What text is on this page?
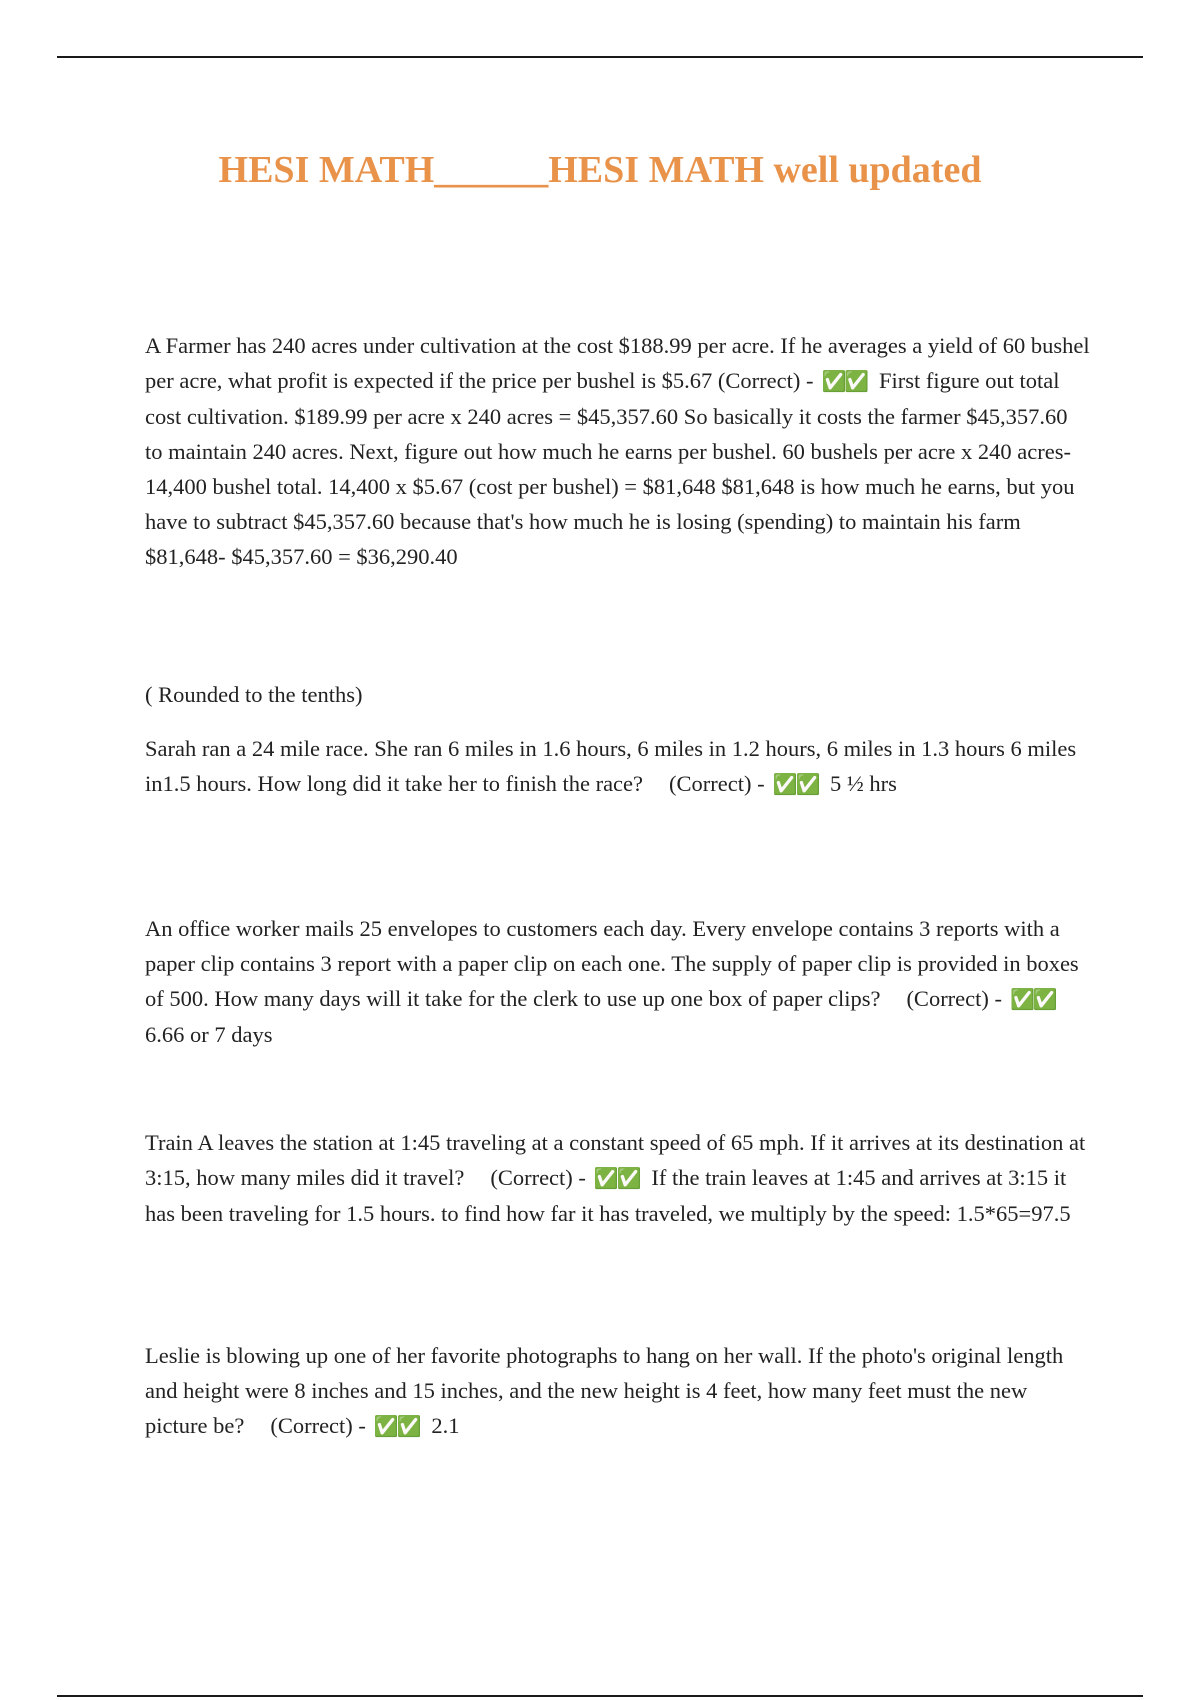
HESI MATH______HESI MATH well updated

A Farmer has 240 acres under cultivation at the cost $188.99 per acre. If he averages a yield of 60 bushel per acre, what profit is expected if the price per bushel is $5.67 (Correct) - ✅✅ First figure out total cost cultivation. $189.99 per acre x 240 acres = $45,357.60 So basically it costs the farmer $45,357.60 to maintain 240 acres. Next, figure out how much he earns per bushel. 60 bushels per acre x 240 acres- 14,400 bushel total. 14,400 x $5.67 (cost per bushel) = $81,648 $81,648 is how much he earns, but you have to subtract $45,357.60 because that's how much he is losing (spending) to maintain his farm $81,648- $45,357.60 = $36,290.40

( Rounded to the tenths)

Sarah ran a 24 mile race. She ran 6 miles in 1.6 hours, 6 miles in 1.2 hours, 6 miles in 1.3 hours 6 miles in1.5 hours. How long did it take her to finish the race? (Correct) - ✅✅ 5 ½ hrs

An office worker mails 25 envelopes to customers each day. Every envelope contains 3 reports with a paper clip contains 3 report with a paper clip on each one. The supply of paper clip is provided in boxes of 500. How many days will it take for the clerk to use up one box of paper clips? (Correct) - ✅✅ 6.66 or 7 days

Train A leaves the station at 1:45 traveling at a constant speed of 65 mph. If it arrives at its destination at 3:15, how many miles did it travel? (Correct) - ✅✅ If the train leaves at 1:45 and arrives at 3:15 it has been traveling for 1.5 hours. to find how far it has traveled, we multiply by the speed: 1.5*65=97.5

Leslie is blowing up one of her favorite photographs to hang on her wall. If the photo's original length and height were 8 inches and 15 inches, and the new height is 4 feet, how many feet must the new picture be? (Correct) - ✅✅ 2.1
